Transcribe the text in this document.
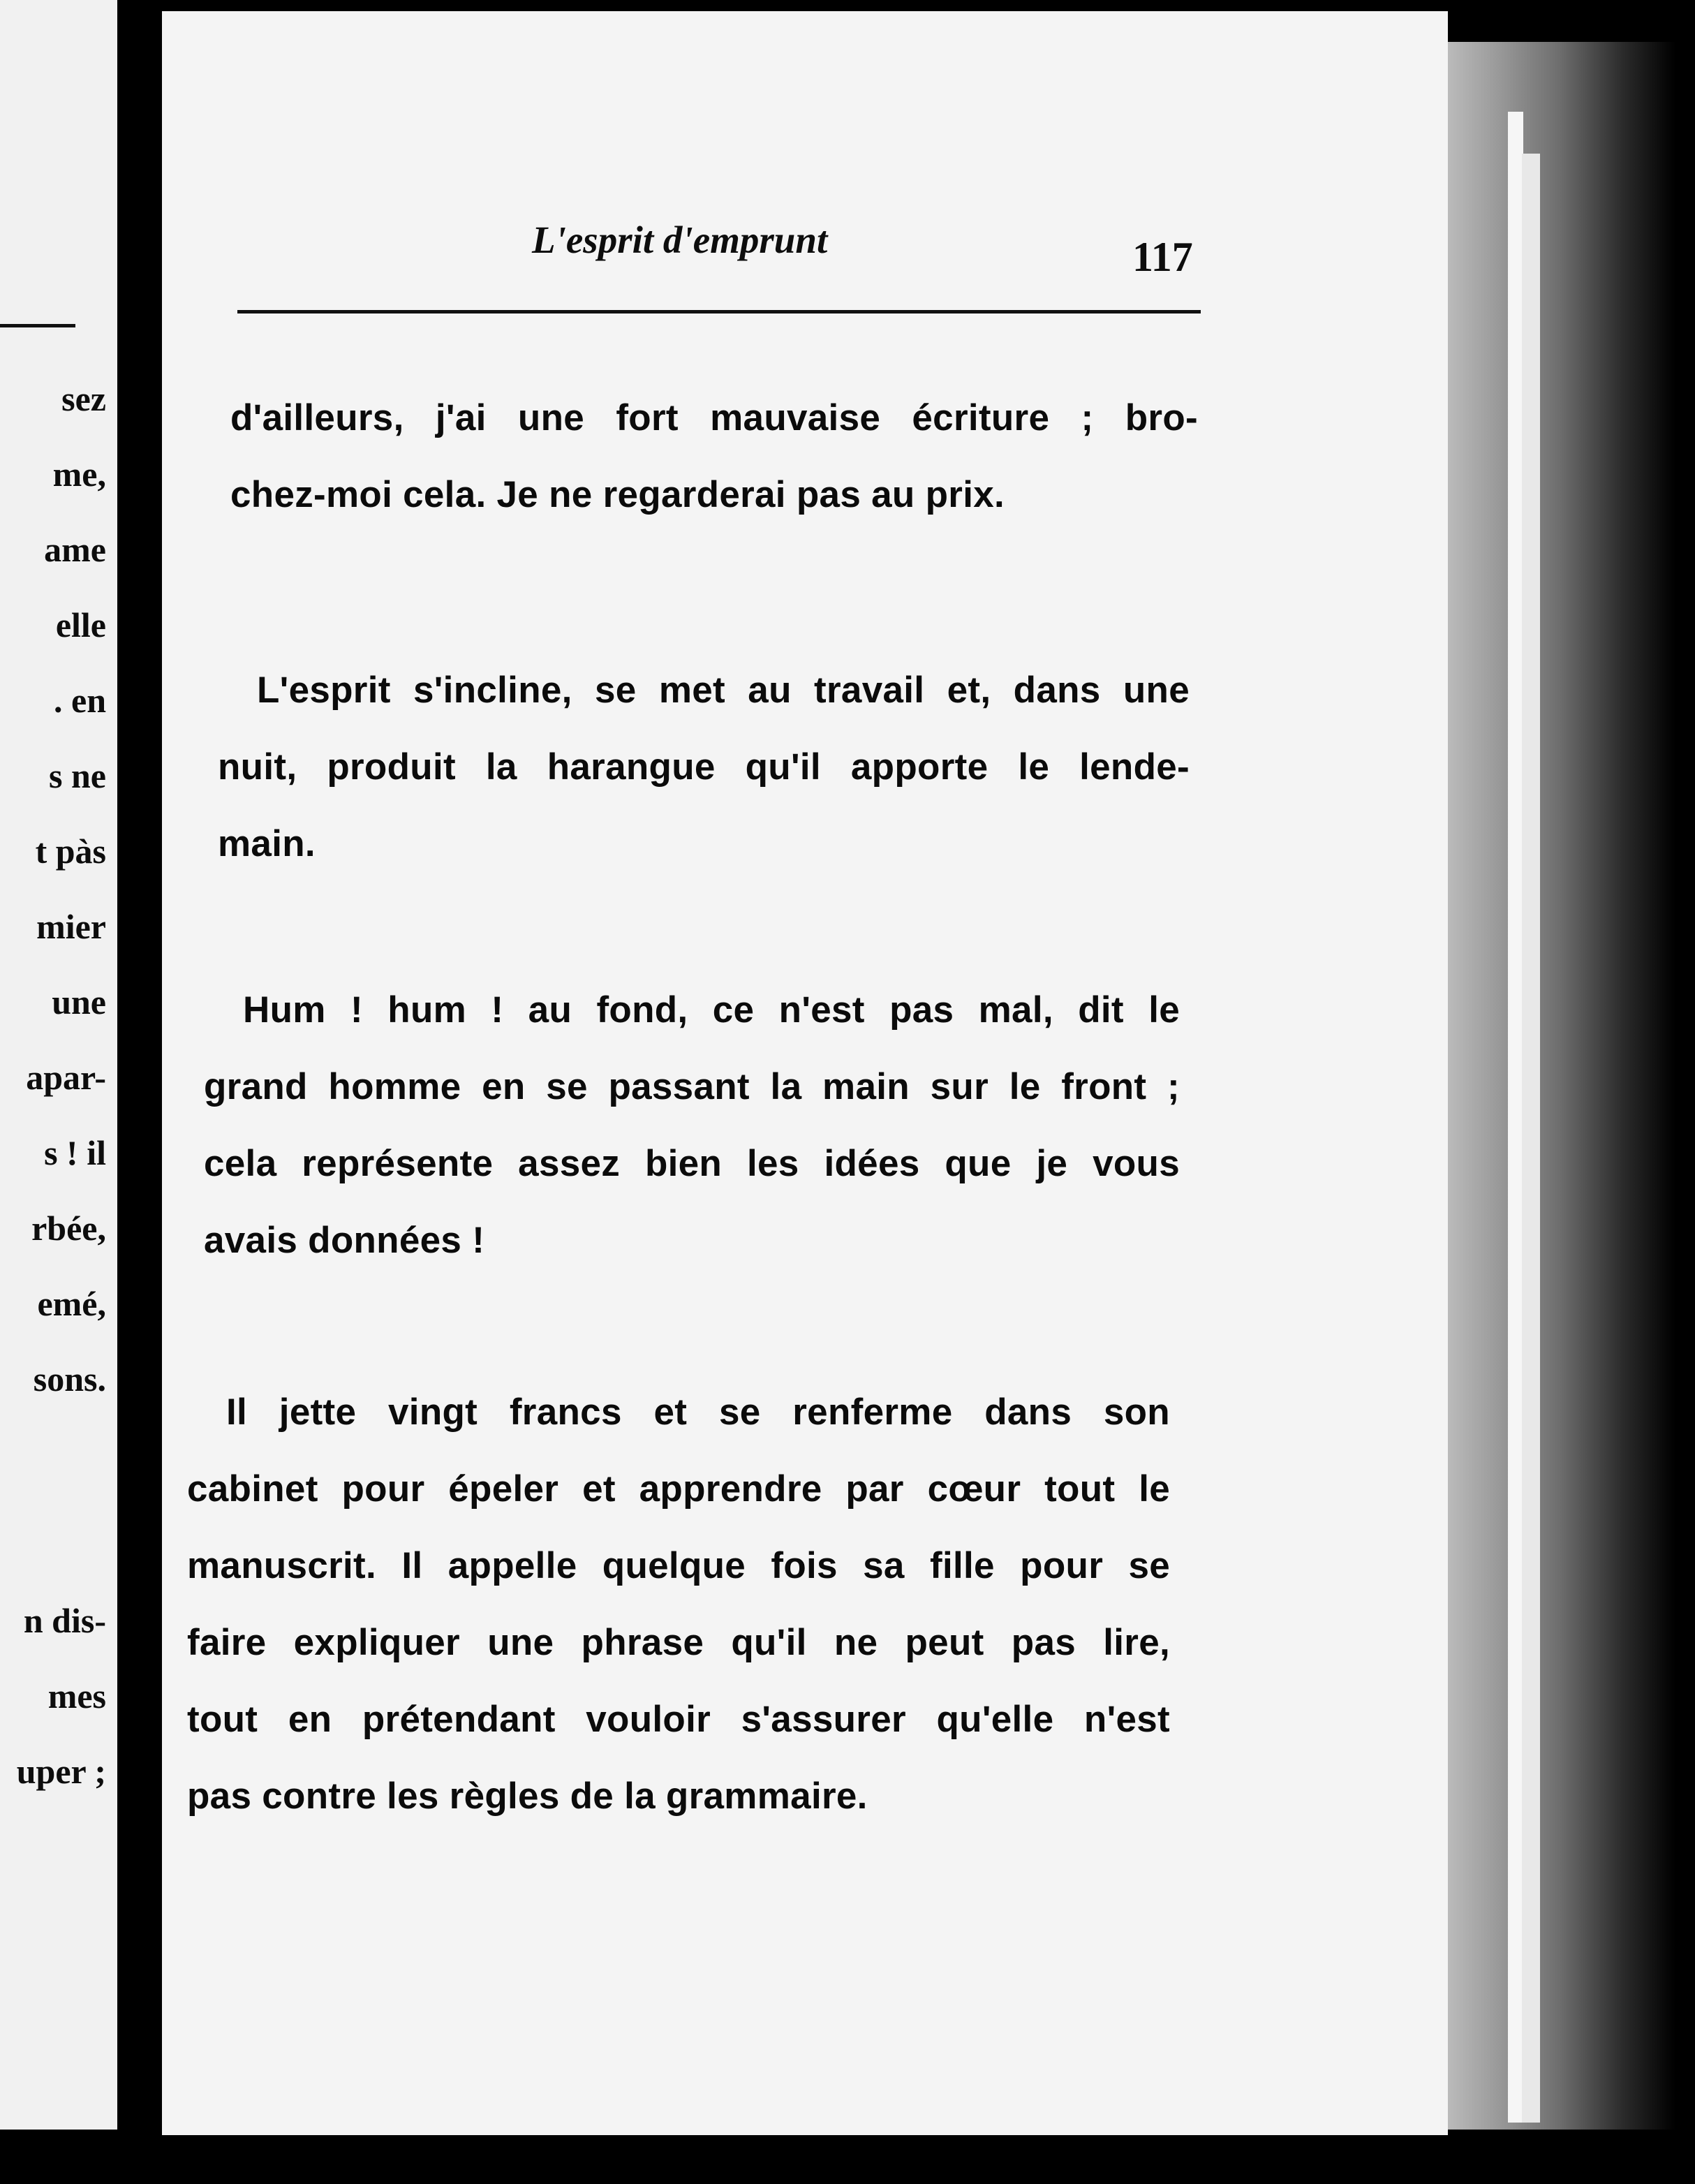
sez
me,
ame
elle
. en
s ne
t pàs
mier
une
apar-
s ! il
rbée,
emé,
sons.
n dis-
mes
uper ;
L'esprit d'emprunt	117
d'ailleurs, j'ai une fort mauvaise écriture ; bro-
chez-moi cela. Je ne regarderai pas au prix.
L'esprit s'incline, se met au travail et, dans une
nuit, produit la harangue qu'il apporte le lende-
main.
Hum ! hum ! au fond, ce n'est pas mal, dit le
grand homme en se passant la main sur le front ;
cela représente assez bien les idées que je vous
avais données !
Il jette vingt francs et se renferme dans son
cabinet pour épeler et apprendre par cœur tout le
manuscrit. Il appelle quelque fois sa fille pour se
faire expliquer une phrase qu'il ne peut pas lire,
tout en prétendant vouloir s'assurer qu'elle n'est
pas contre les règles de la grammaire.
